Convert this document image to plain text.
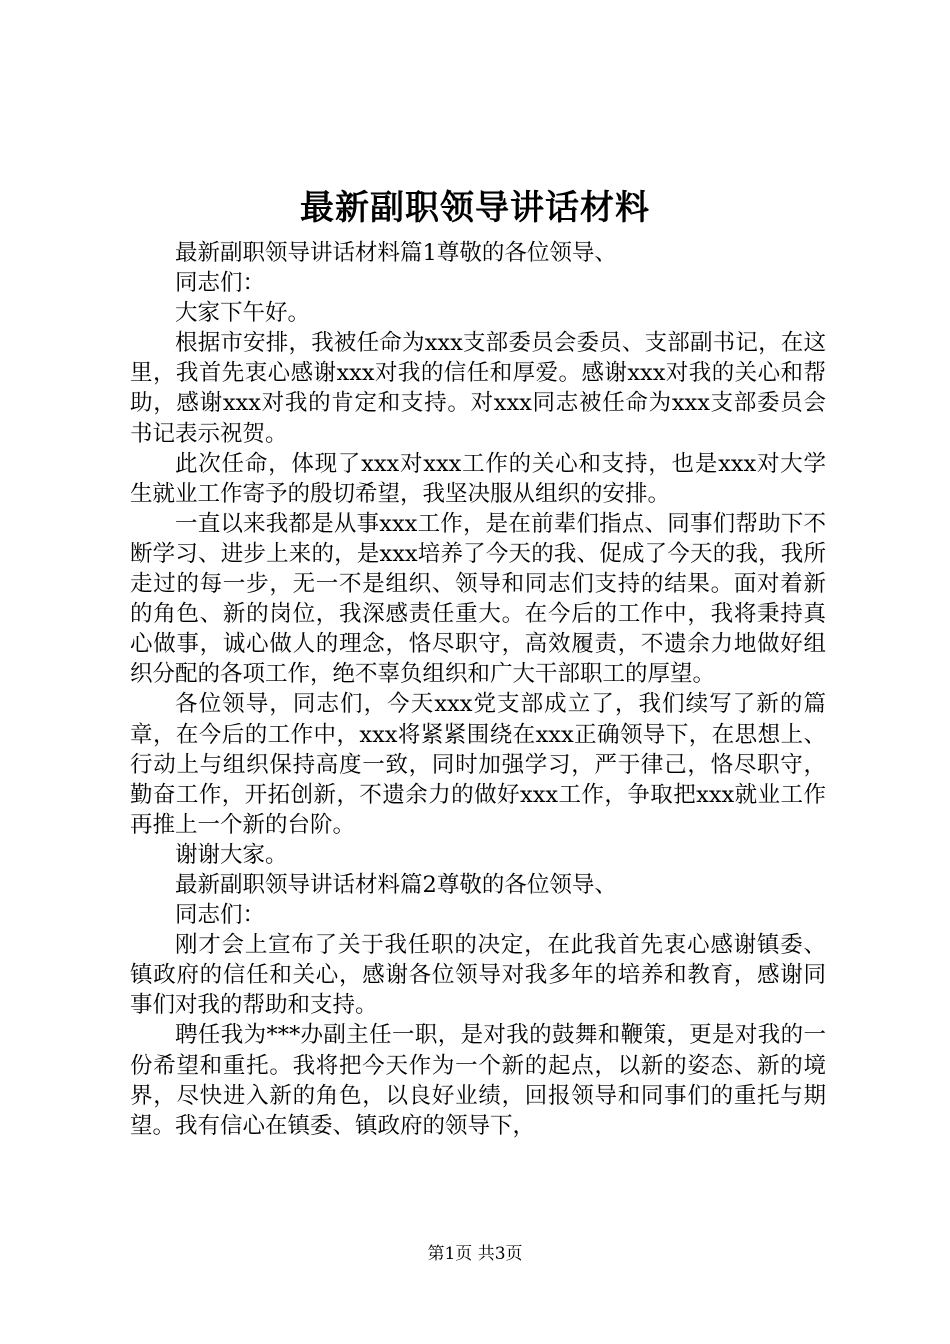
最新副职领导讲话材料

最新副职领导讲话材料篇1尊敬的各位领导、

同志们：

大家下午好。

根据市安排，我被任命为xxx支部委员会委员、支部副书记，在这里，我首先衷心感谢xxx对我的信任和厚爱。感谢xxx对我的关心和帮助，感谢xxx对我的肯定和支持。对xxx同志被任命为xxx支部委员会书记表示祝贺。

此次任命，体现了xxx对xxx工作的关心和支持，也是xxx对大学生就业工作寄予的殷切希望，我坚决服从组织的安排。

一直以来我都是从事xxx工作，是在前辈们指点、同事们帮助下不断学习、进步上来的，是xxx培养了今天的我、促成了今天的我，我所走过的每一步，无一不是组织、领导和同志们支持的结果。面对着新的角色、新的岗位，我深感责任重大。在今后的工作中，我将秉持真心做事，诚心做人的理念，恪尽职守，高效履责，不遗余力地做好组织分配的各项工作，绝不辜负组织和广大干部职工的厚望。

各位领导，同志们，今天xxx党支部成立了，我们续写了新的篇章，在今后的工作中，xxx将紧紧围绕在xxx正确领导下，在思想上、行动上与组织保持高度一致，同时加强学习，严于律己，恪尽职守，勤奋工作，开拓创新，不遗余力的做好xxx工作，争取把xxx就业工作再推上一个新的台阶。

谢谢大家。

最新副职领导讲话材料篇2尊敬的各位领导、

同志们：

刚才会上宣布了关于我任职的决定，在此我首先衷心感谢镇委、镇政府的信任和关心，感谢各位领导对我多年的培养和教育，感谢同事们对我的帮助和支持。

聘任我为***办副主任一职，是对我的鼓舞和鞭策，更是对我的一份希望和重托。我将把今天作为一个新的起点，以新的姿态、新的境界，尽快进入新的角色，以良好业绩，回报领导和同事们的重托与期望。我有信心在镇委、镇政府的领导下，

第1页 共3页
